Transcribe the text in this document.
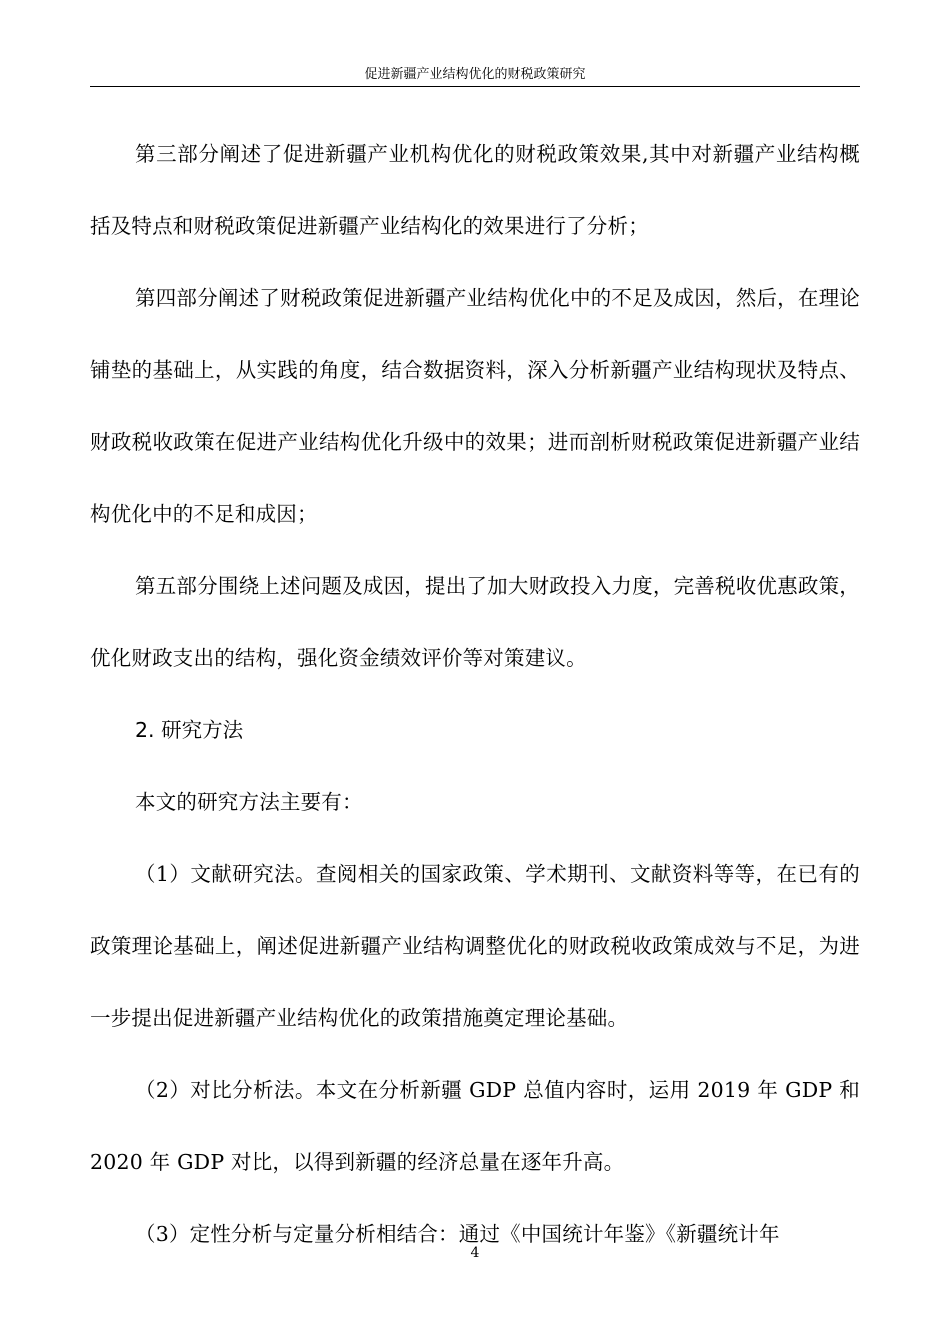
促进新疆产业结构优化的财税政策研究

第三部分阐述了促进新疆产业机构优化的财税政策效果,其中对新疆产业结构概括及特点和财税政策促进新疆产业结构化的效果进行了分析；

第四部分阐述了财税政策促进新疆产业结构优化中的不足及成因，然后，在理论铺垫的基础上，从实践的角度，结合数据资料，深入分析新疆产业结构现状及特点、财政税收政策在促进产业结构优化升级中的效果；进而剖析财税政策促进新疆产业结构优化中的不足和成因；

第五部分围绕上述问题及成因，提出了加大财政投入力度，完善税收优惠政策，优化财政支出的结构，强化资金绩效评价等对策建议。

2. 研究方法

本文的研究方法主要有：

（1）文献研究法。查阅相关的国家政策、学术期刊、文献资料等等，在已有的政策理论基础上，阐述促进新疆产业结构调整优化的财政税收政策成效与不足，为进一步提出促进新疆产业结构优化的政策措施奠定理论基础。

（2）对比分析法。本文在分析新疆 GDP 总值内容时，运用 2019 年 GDP 和 2020 年 GDP 对比，以得到新疆的经济总量在逐年升高。

（3）定性分析与定量分析相结合：通过《中国统计年鉴》《新疆统计年

4
